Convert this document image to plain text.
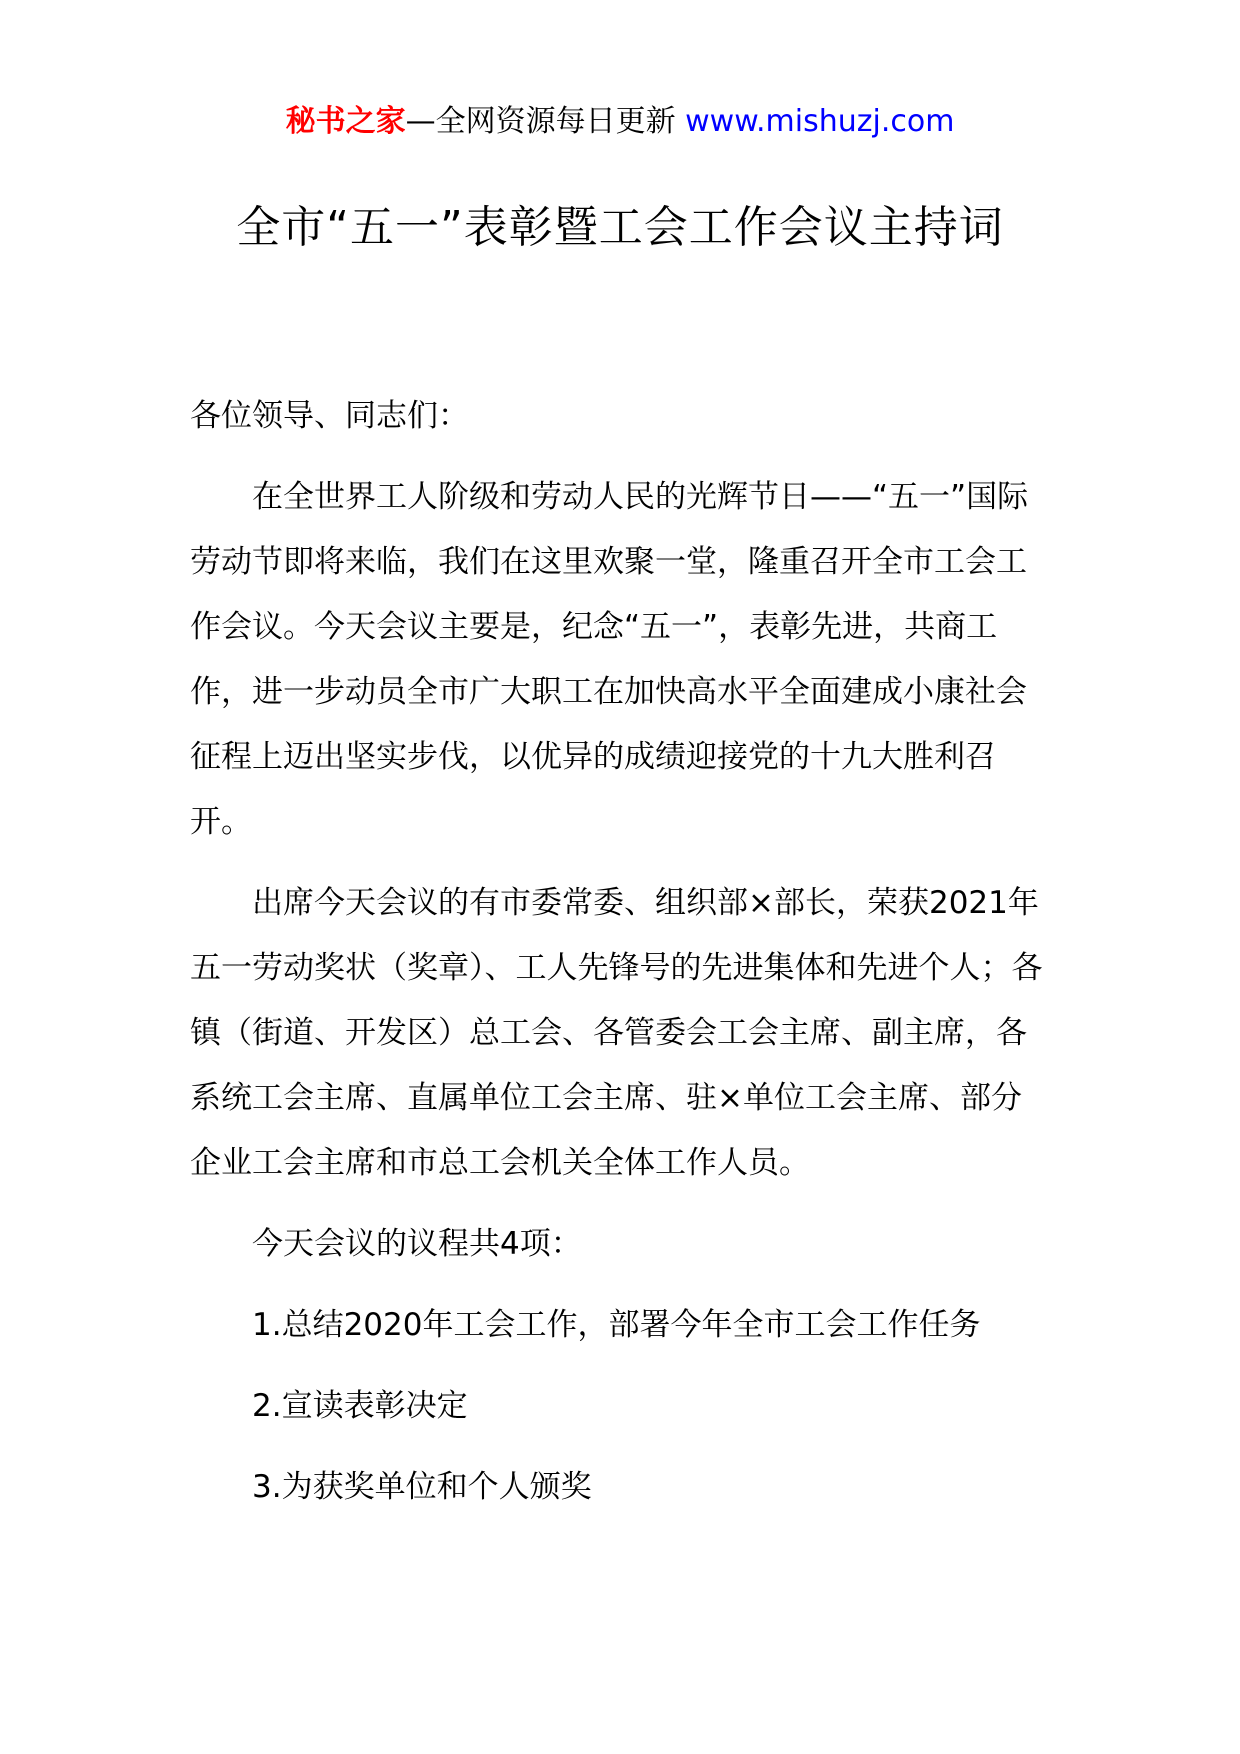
秘书之家—全网资源每日更新 www.mishuzj.com
全市“五一”表彰暨工会工作会议主持词

各位领导、同志们：

在全世界工人阶级和劳动人民的光辉节日——“五一”国际劳动节即将来临，我们在这里欢聚一堂，隆重召开全市工会工作会议。今天会议主要是，纪念“五一”，表彰先进，共商工作，进一步动员全市广大职工在加快高水平全面建成小康社会征程上迈出坚实步伐，以优异的成绩迎接党的十九大胜利召开。

出席今天会议的有市委常委、组织部×部长，荣获2021年五一劳动奖状（奖章）、工人先锋号的先进集体和先进个人；各镇（街道、开发区）总工会、各管委会工会主席、副主席，各系统工会主席、直属单位工会主席、驻×单位工会主席、部分企业工会主席和市总工会机关全体工作人员。

今天会议的议程共4项：

1.总结2020年工会工作，部署今年全市工会工作任务

2.宣读表彰决定

3.为获奖单位和个人颁奖
